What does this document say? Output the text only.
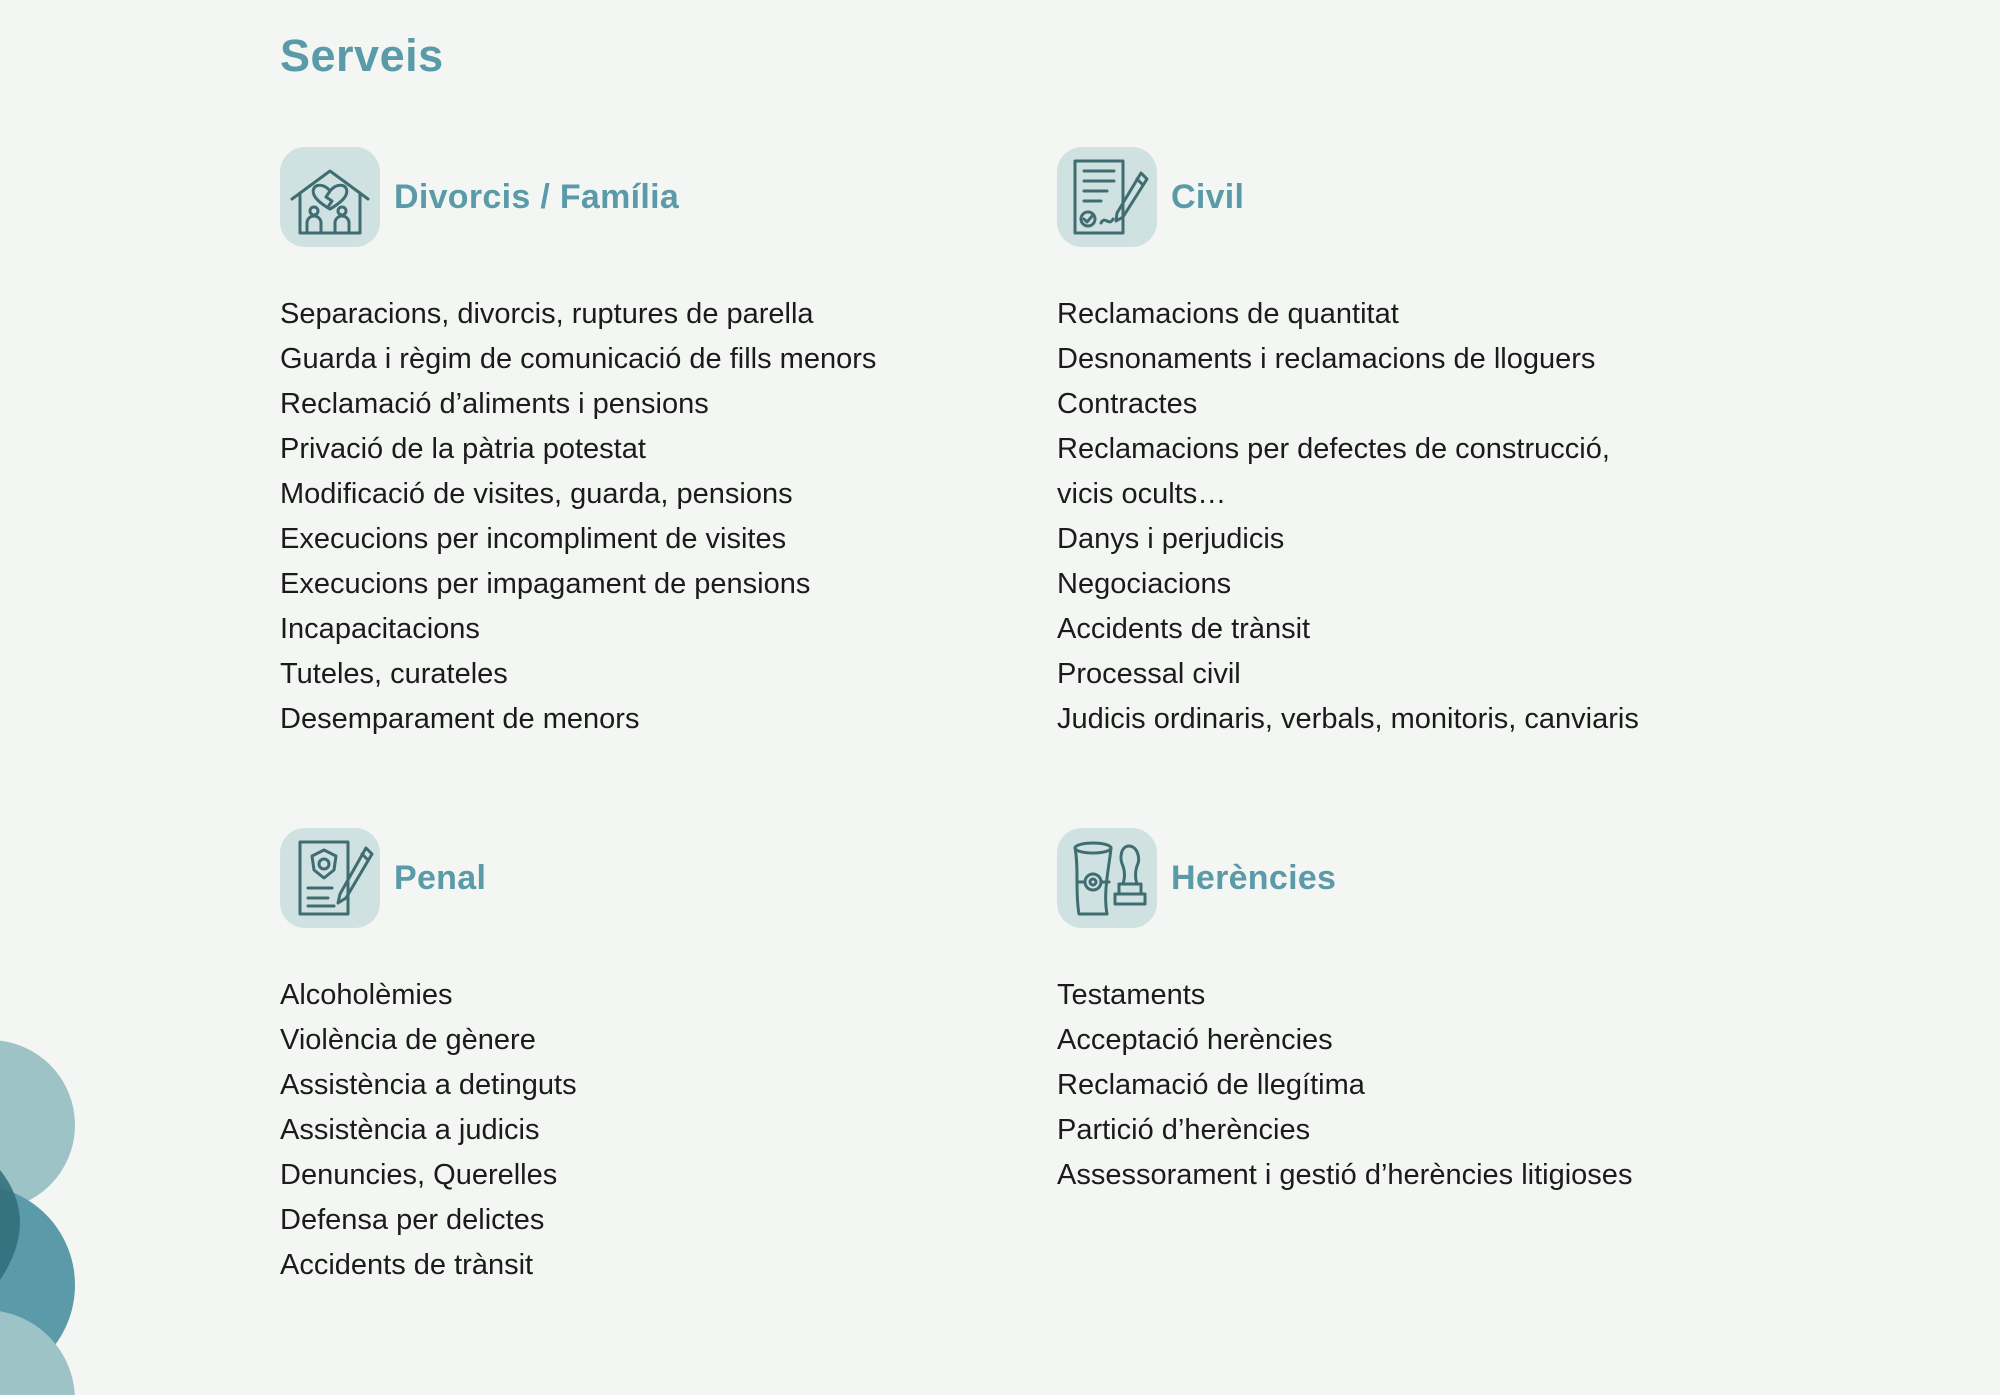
Serveis
Divorcis / Família
Separacions, divorcis, ruptures de parella
Guarda i règim de comunicació de fills menors
Reclamació d’aliments i pensions
Privació de la pàtria potestat
Modificació de visites, guarda, pensions
Execucions per incompliment de visites
Execucions per impagament de pensions
Incapacitacions
Tuteles, curateles
Desemparament de menors
Civil
Reclamacions de quantitat
Desnonaments i reclamacions de lloguers
Contractes
Reclamacions per defectes de construcció,
vicis ocults…
Danys i perjudicis
Negociacions
Accidents de trànsit
Processal civil
Judicis ordinaris, verbals, monitoris, canviaris
Penal
Alcoholèmies
Violència de gènere
Assistència a detinguts
Assistència a judicis
Denuncies, Querelles
Defensa per delictes
Accidents de trànsit
Herències
Testaments
Acceptació herències
Reclamació de llegítima
Partició d’herències
Assessorament i gestió d’herències litigioses
